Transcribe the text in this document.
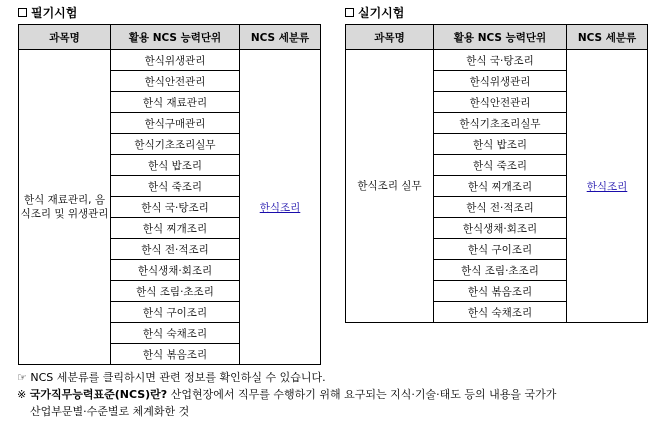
필기시험
과목명	활용 NCS 능력단위	NCS 세분류
한식 재료관리, 음식조리 및 위생관리	한식위생관리	한식조리
	한식안전관리	
	한식 재료관리	
	한식구매관리	
	한식기초조리실무	
	한식 밥조리	
	한식 죽조리	
	한식 국·탕조리	
	한식 찌개조리	
	한식 전·적조리	
	한식생채·회조리	
	한식 조림·초조리	
	한식 구이조리	
	한식 숙채조리	
	한식 볶음조리	
실기시험
과목명	활용 NCS 능력단위	NCS 세분류
한식조리 실무	한식 국·탕조리	한식조리
	한식위생관리	
	한식안전관리	
	한식기초조리실무	
	한식 밥조리	
	한식 죽조리	
	한식 찌개조리	
	한식 전·적조리	
	한식생채·회조리	
	한식 구이조리	
	한식 조림·초조리	
	한식 볶음조리	
	한식 숙채조리	
☞ NCS 세분류를 클릭하시면 관련 정보를 확인하실 수 있습니다.
※ 국가직무능력표준(NCS)란? 산업현장에서 직무를 수행하기 위해 요구되는 지식·기술·태도 등의 내용을 국가가
산업부문별·수준별로 체계화한 것
